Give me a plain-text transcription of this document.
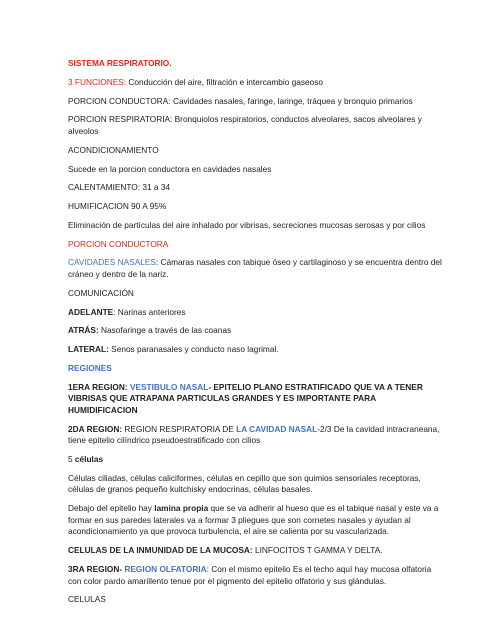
SISTEMA RESPIRATORIO.
3 FUNCIONES: Conducción del aire, filtración e intercambio gaseoso
PORCION CONDUCTORA: Cavidades nasales, faringe, laringe, tráquea y bronquio primarios
PORCION RESPIRATORIA: Bronquiolos respiratorios, conductos alveolares, sacos alveolares y alveolos
ACONDICIONAMIENTO
Sucede en la porcion conductora en cavidades nasales
CALENTAMIENTO: 31 a 34
HUMIFICACION 90 A 95%
Eliminación de partículas del aire inhalado por vibrisas, secreciones mucosas serosas y por cilios
PORCION CONDUCTORA
CAVIDADES NASALES: Cámaras nasales con tabique óseo y cartilaginoso y se encuentra dentro del cráneo y dentro de la nariz.
COMUNICACIÓN
ADELANTE: Narinas anteriores
ATRÁS: Nasofaringe a través de las coanas
LATERAL: Senos paranasales y conducto naso lagrimal.
REGIONES
1ERA REGION: VESTIBULO NASAL- EPITELIO PLANO ESTRATIFICADO QUE VA A TENER VIBRISAS QUE ATRAPANA PARTICULAS GRANDES Y ES IMPORTANTE PARA HUMIDIFICACION
2DA REGION: REGION RESPIRATORIA DE LA CAVIDAD NASAL-2/3 De la cavidad intracraneana, tiene epitelio cilíndrico pseudoestratificado con cilios
5 células
Células ciliadas, células caliciformes, células en cepillo que son quimios sensoriales receptoras, células de granos pequeño kultchisky endocrinas, células basales.
Debajo del epitelio hay lamina propia que se va adherir al hueso que es el tabique nasal y este va a formar en sus paredes laterales va a formar 3 pliegues que son cornetes nasales y ayudan al acondicionamiento ya que provoca turbulencia, el aire se calienta por su vascularizada.
CELULAS DE LA INMUNIDAD DE LA MUCOSA: LINFOCITOS T GAMMA Y DELTA.
3RA REGION- REGION OLFATORIA: Con el mismo epitelio Es el techo aquí hay mucosa olfatoria con color pardo amarillento tenue por el pigmento del epitelio olfatorio y sus glándulas.
CELULAS
